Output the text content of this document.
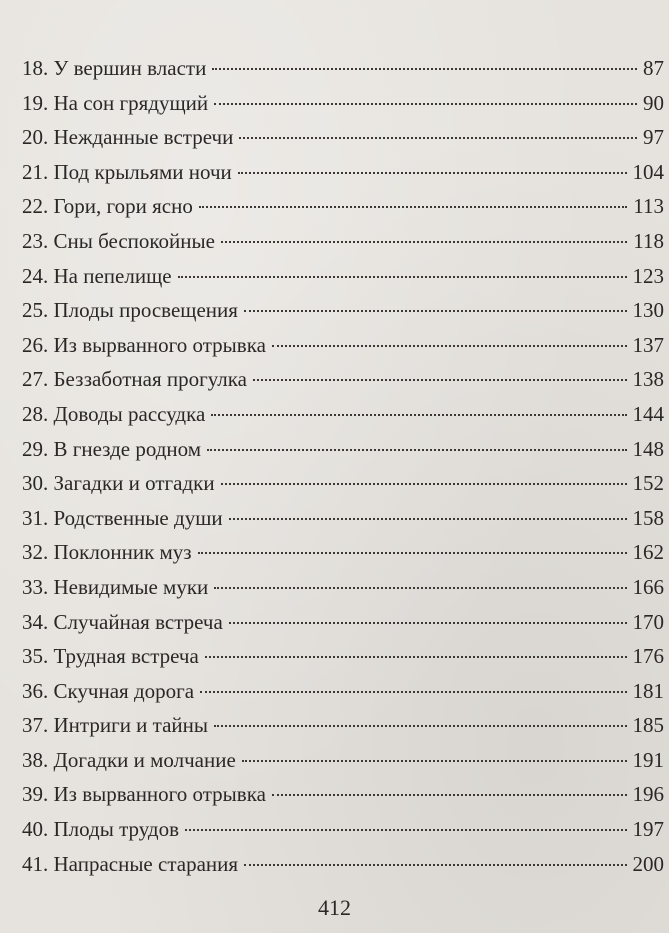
18. У вершин власти	87
19. На сон грядущий	90
20. Нежданные встречи	97
21. Под крыльями ночи	104
22. Гори, гори ясно	113
23. Сны беспокойные	118
24. На пепелище	123
25. Плоды просвещения	130
26. Из вырванного отрывка	137
27. Беззаботная прогулка	138
28. Доводы рассудка	144
29. В гнезде родном	148
30. Загадки и отгадки	152
31. Родственные души	158
32. Поклонник муз	162
33. Невидимые муки	166
34. Случайная встреча	170
35. Трудная встреча	176
36. Скучная дорога	181
37. Интриги и тайны	185
38. Догадки и молчание	191
39. Из вырванного отрывка	196
40. Плоды трудов	197
41. Напрасные старания	200
412
